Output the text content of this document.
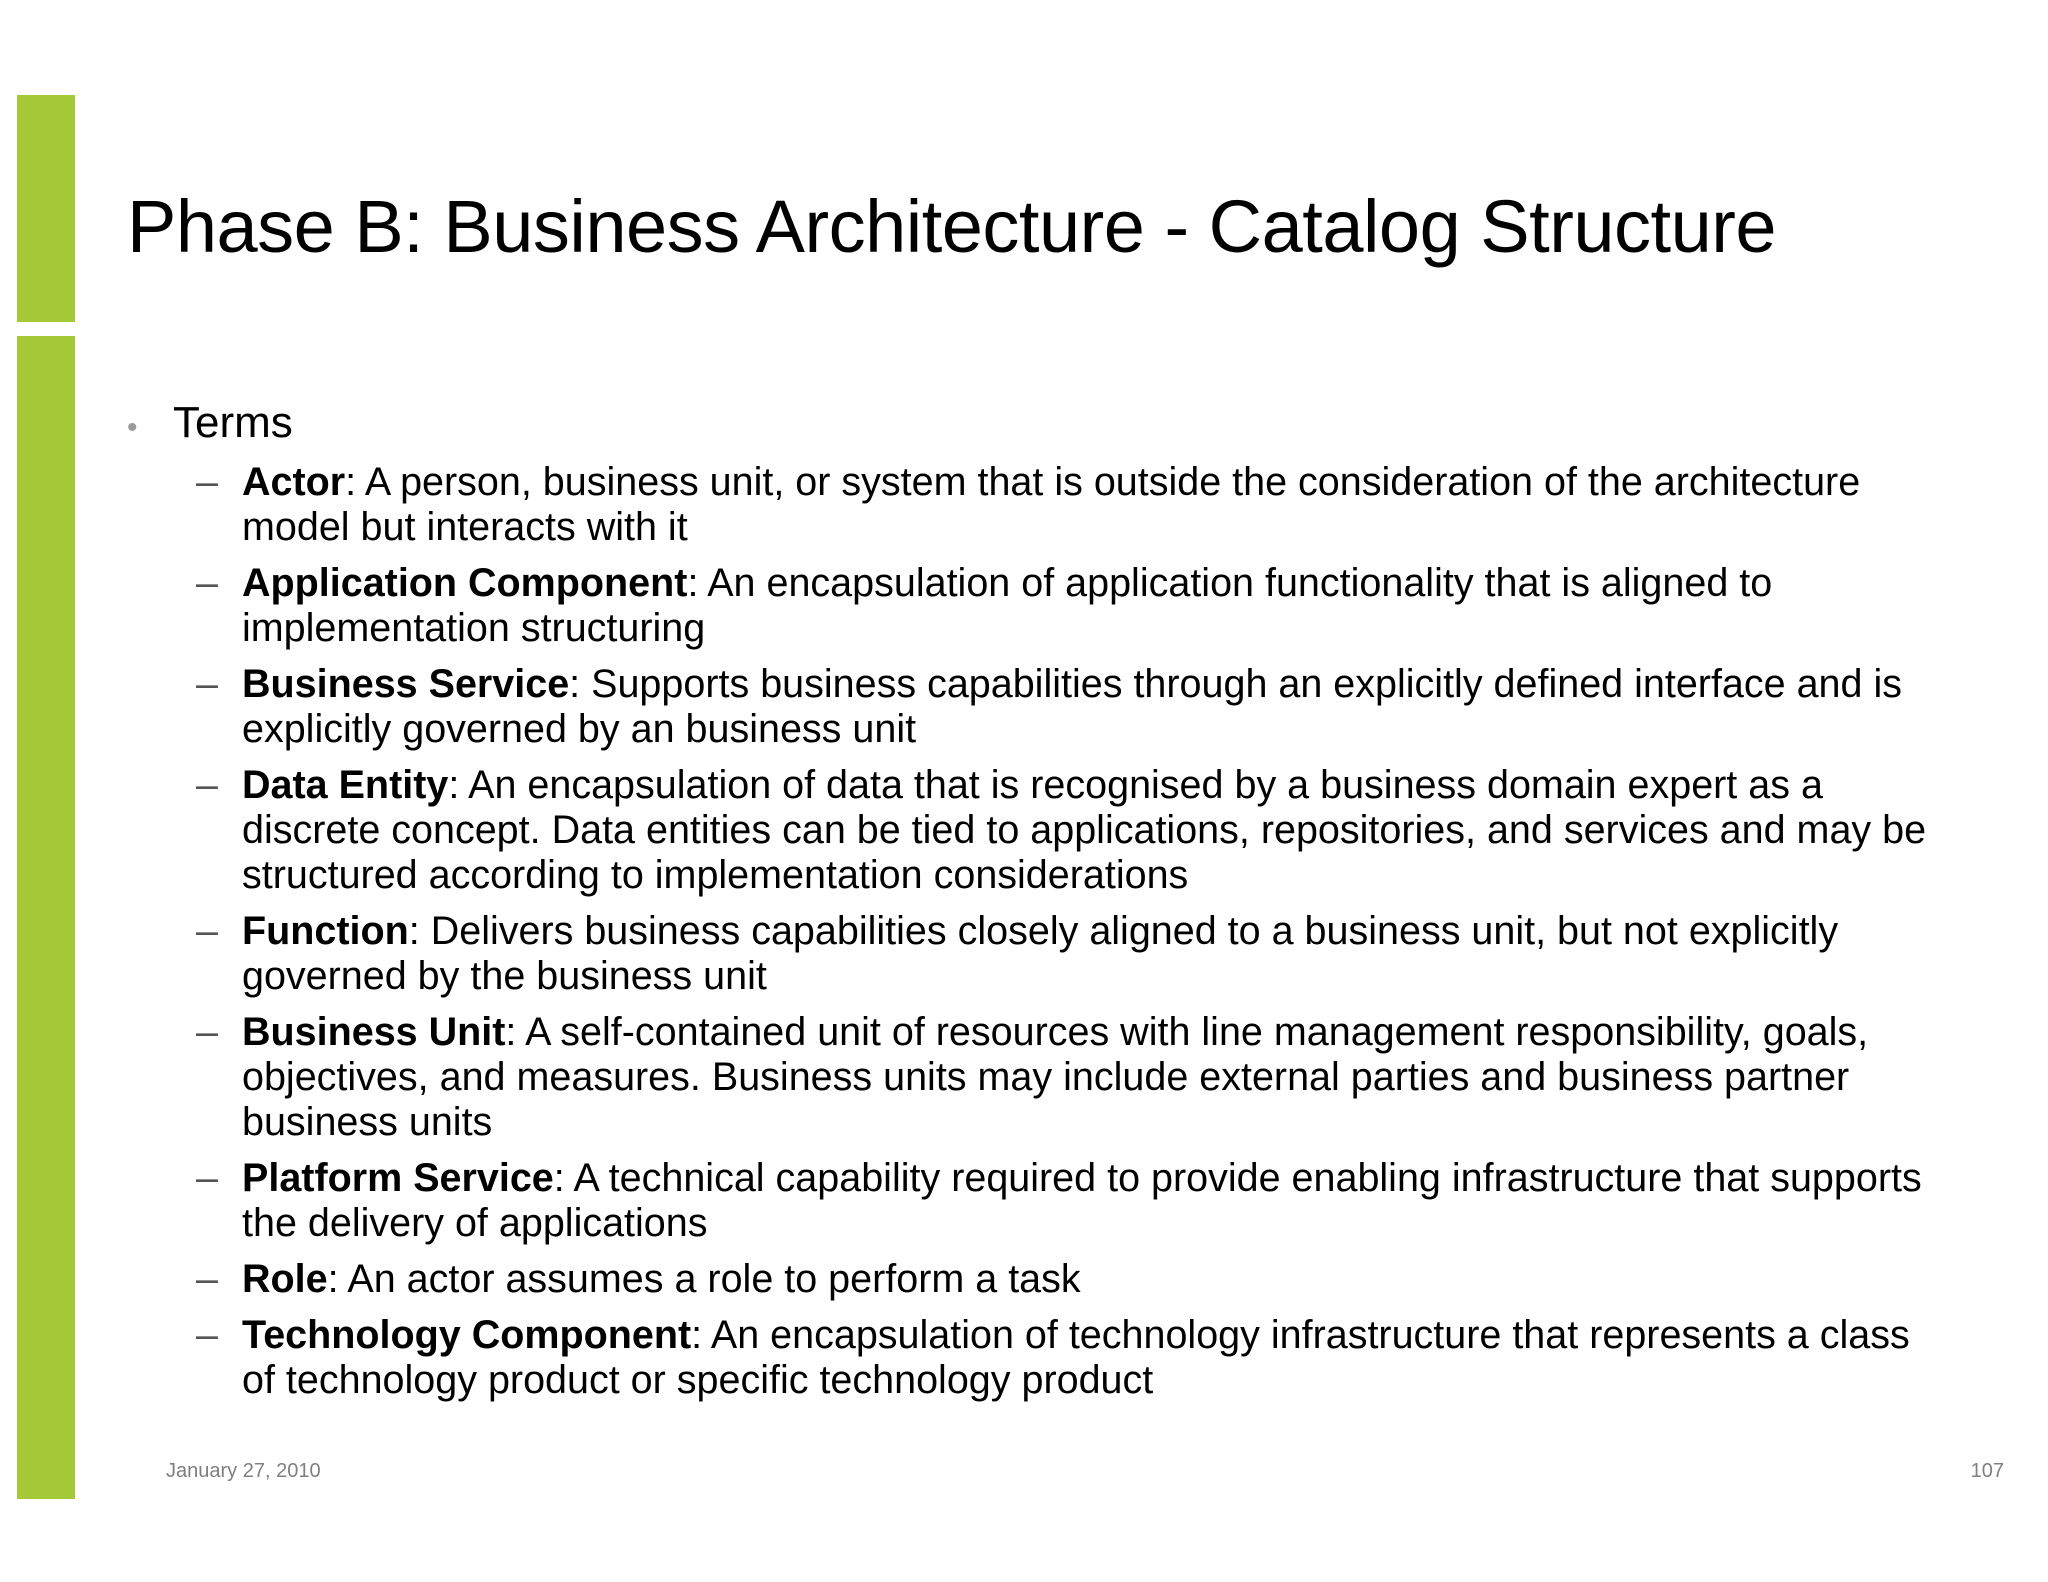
Phase B: Business Architecture - Catalog Structure
• Terms
– Actor: A person, business unit, or system that is outside the consideration of the architecture model but interacts with it
– Application Component: An encapsulation of application functionality that is aligned to implementation structuring
– Business Service: Supports business capabilities through an explicitly defined interface and is explicitly governed by an business unit
– Data Entity: An encapsulation of data that is recognised by a business domain expert as a discrete concept. Data entities can be tied to applications, repositories, and services and may be structured according to implementation considerations
– Function: Delivers business capabilities closely aligned to a business unit, but not explicitly governed by the business unit
– Business Unit: A self-contained unit of resources with line management responsibility, goals, objectives, and measures. Business units may include external parties and business partner business units
– Platform Service: A technical capability required to provide enabling infrastructure that supports the delivery of applications
– Role: An actor assumes a role to perform a task
– Technology Component: An encapsulation of technology infrastructure that represents a class of technology product or specific technology product
January 27, 2010	107
